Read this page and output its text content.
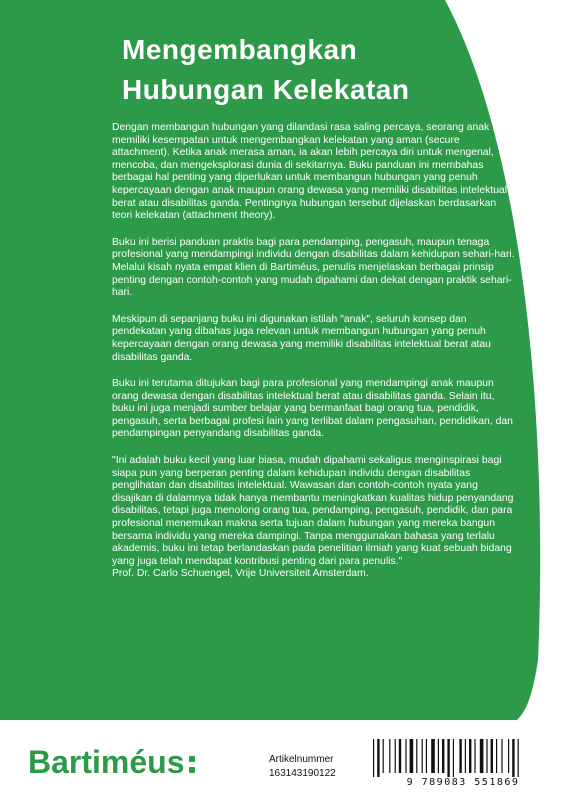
Mengembangkan
Hubungan Kelekatan

Dengan membangun hubungan yang dilandasi rasa saling percaya, seorang anak memiliki kesempatan untuk mengembangkan kelekatan yang aman (secure attachment). Ketika anak merasa aman, ia akan lebih percaya diri untuk mengenal, mencoba, dan mengeksplorasi dunia di sekitarnya. Buku panduan ini membahas berbagai hal penting yang diperlukan untuk membangun hubungan yang penuh kepercayaan dengan anak maupun orang dewasa yang memiliki disabilitas intelektual berat atau disabilitas ganda. Pentingnya hubungan tersebut dijelaskan berdasarkan teori kelekatan (attachment theory).

Buku ini berisi panduan praktis bagi para pendamping, pengasuh, maupun tenaga profesional yang mendampingi individu dengan disabilitas dalam kehidupan sehari-hari. Melalui kisah nyata empat klien di Bartiméus, penulis menjelaskan berbagai prinsip penting dengan contoh-contoh yang mudah dipahami dan dekat dengan praktik sehari-hari.

Meskipun di sepanjang buku ini digunakan istilah "anak", seluruh konsep dan pendekatan yang dibahas juga relevan untuk membangun hubungan yang penuh kepercayaan dengan orang dewasa yang memiliki disabilitas intelektual berat atau disabilitas ganda.

Buku ini terutama ditujukan bagi para profesional yang mendampingi anak maupun orang dewasa dengan disabilitas intelektual berat atau disabilitas ganda. Selain itu, buku ini juga menjadi sumber belajar yang bermanfaat bagi orang tua, pendidik, pengasuh, serta berbagai profesi lain yang terlibat dalam pengasuhan, pendidikan, dan pendampingan penyandang disabilitas ganda.

"Ini adalah buku kecil yang luar biasa, mudah dipahami sekaligus menginspirasi bagi siapa pun yang berperan penting dalam kehidupan individu dengan disabilitas penglihatan dan disabilitas intelektual. Wawasan dan contoh-contoh nyata yang disajikan di dalamnya tidak hanya membantu meningkatkan kualitas hidup penyandang disabilitas, tetapi juga menolong orang tua, pendamping, pengasuh, pendidik, dan para profesional menemukan makna serta tujuan dalam hubungan yang mereka bangun bersama individu yang mereka dampingi. Tanpa menggunakan bahasa yang terlalu akademis, buku ini tetap berlandaskan pada penelitian ilmiah yang kuat sebuah bidang yang juga telah mendapat kontribusi penting dari para penulis."

Prof. Dr. Carlo Schuengel, Vrije Universiteit Amsterdam.

Bartiméus	Artikelnummer
163143190122
9 789083 551869
